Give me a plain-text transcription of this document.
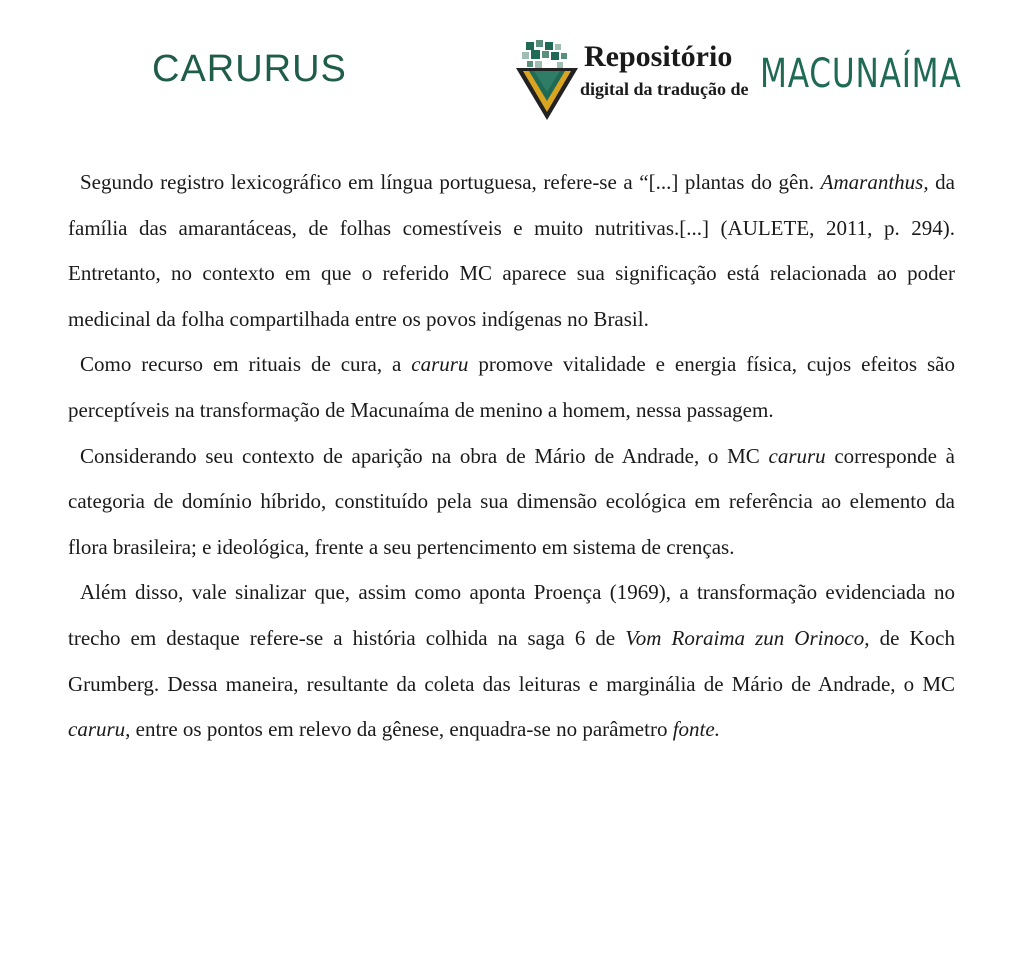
CARURUS	Repositório
digital da tradução de MACUNAÍMA

Segundo registro lexicográfico em língua portuguesa, refere-se a “[...] plantas do gên. Amaranthus, da família das amarantáceas, de folhas comestíveis e muito nutritivas.[...] (AULETE, 2011, p. 294). Entretanto, no contexto em que o referido MC aparece sua significação está relacionada ao poder medicinal da folha compartilhada entre os povos indígenas no Brasil.

Como recurso em rituais de cura, a caruru promove vitalidade e energia física, cujos efeitos são perceptíveis na transformação de Macunaíma de menino a homem, nessa passagem.

Considerando seu contexto de aparição na obra de Mário de Andrade, o MC caruru corresponde à categoria de domínio híbrido, constituído pela sua dimensão ecológica em referência ao elemento da flora brasileira; e ideológica, frente a seu pertencimento em sistema de crenças.

Além disso, vale sinalizar que, assim como aponta Proença (1969), a transformação evidenciada no trecho em destaque refere-se a história colhida na saga 6 de Vom Roraima zun Orinoco, de Koch Grumberg. Dessa maneira, resultante da coleta das leituras e marginália de Mário de Andrade, o MC caruru, entre os pontos em relevo da gênese, enquadra-se no parâmetro fonte.
